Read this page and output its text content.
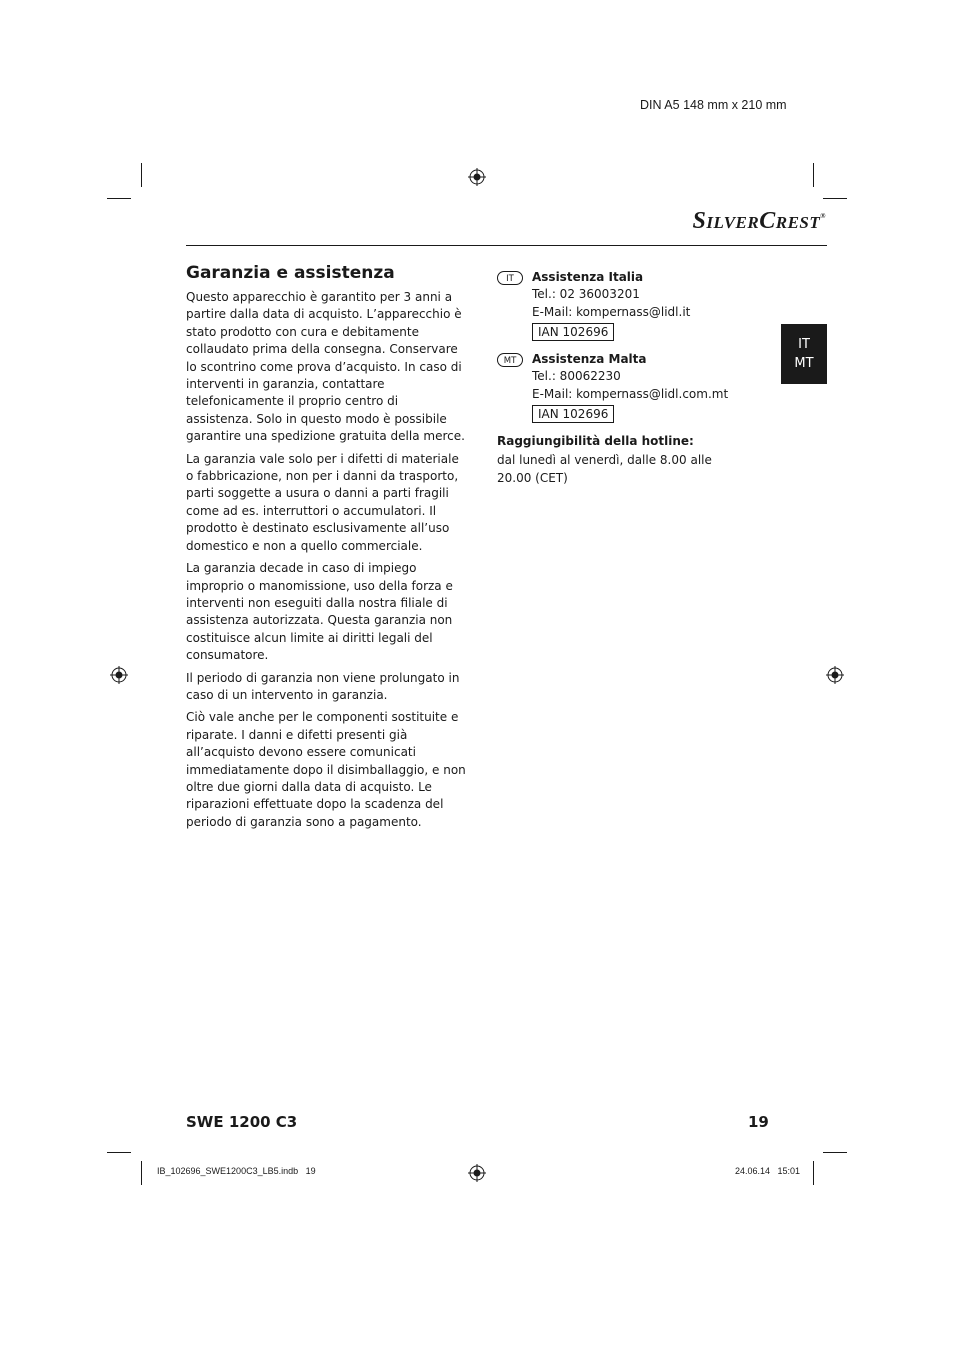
DIN A5 148 mm x 210 mm
SilverCrest®
Garanzia e assistenza

Questo apparecchio è garantito per 3 anni a partire dalla data di acquisto. L’apparecchio è stato prodotto con cura e debitamente collaudato prima della consegna. Conservare lo scontrino come prova d’acquisto. In caso di interventi in garanzia, contattare telefonicamente il proprio centro di assistenza. Solo in questo modo è possibile garantire una spedizione gratuita della merce.

La garanzia vale solo per i difetti di materiale o fabbricazione, non per i danni da trasporto, parti soggette a usura o danni a parti fragili come ad es. interruttori o accumulatori. Il prodotto è destinato esclusivamente all’uso domestico e non a quello commerciale.

La garanzia decade in caso di impiego improprio o manomissione, uso della forza e interventi non eseguiti dalla nostra filiale di assistenza autorizzata. Questa garanzia non costituisce alcun limite ai diritti legali del consumatore.

Il periodo di garanzia non viene prolungato in caso di un intervento in garanzia.

Ciò vale anche per le componenti sostituite e riparate. I danni e difetti presenti già all’acquisto devono essere comunicati immediatamente dopo il disimballaggio, e non oltre due giorni dalla data di acquisto. Le riparazioni effettuate dopo la scadenza del periodo di garanzia sono a pagamento.

IT	Assistenza Italia
Tel.: 02 36003201
E-Mail: kompernass@lidl.it
IAN 102696
MT	Assistenza Malta
Tel.: 80062230
E-Mail: kompernass@lidl.com.mt
IAN 102696
Raggiungibilità della hotline:
dal lunedì al venerdì, dalle 8.00 alle 20.00 (CET)
IT
MT
SWE 1200 C3	19
IB_102696_SWE1200C3_LB5.indb   19	24.06.14   15:01
